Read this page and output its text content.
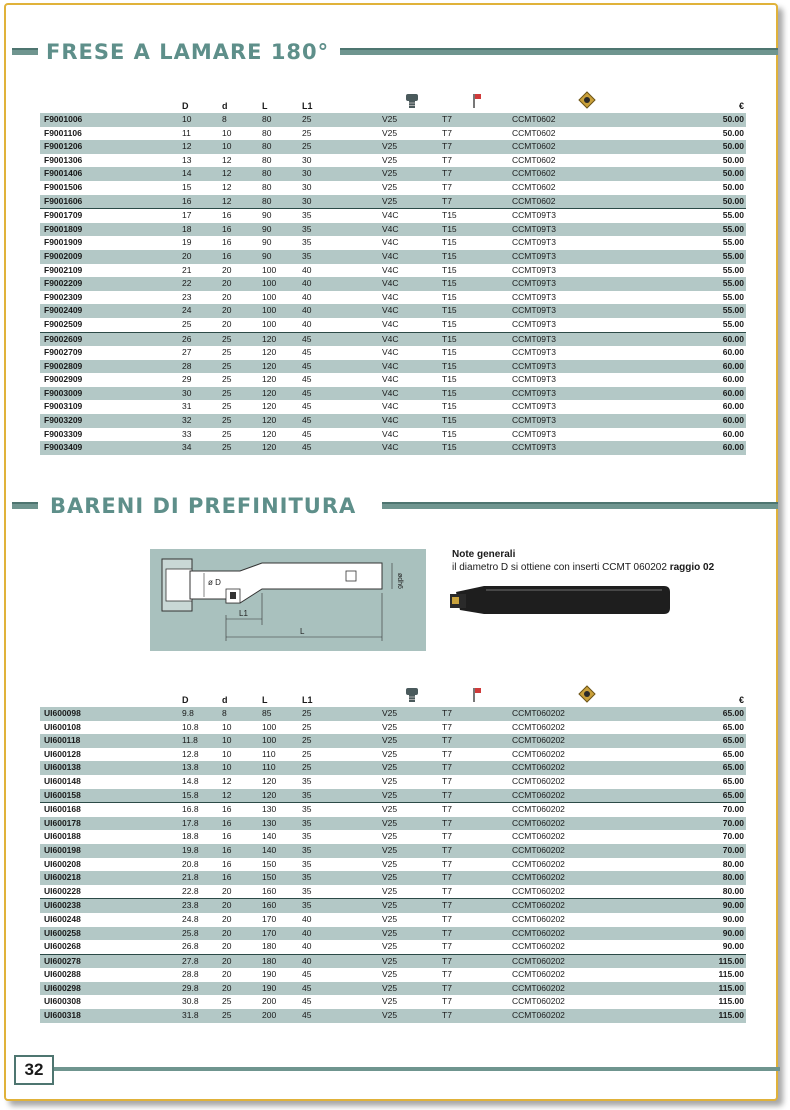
FRESE A LAMARE 180°
	D	d	L	L1				€
F9001006	10	8	80	25	V25	T7	CCMT0602	50.00
F9001106	11	10	80	25	V25	T7	CCMT0602	50.00
F9001206	12	10	80	25	V25	T7	CCMT0602	50.00
F9001306	13	12	80	30	V25	T7	CCMT0602	50.00
F9001406	14	12	80	30	V25	T7	CCMT0602	50.00
F9001506	15	12	80	30	V25	T7	CCMT0602	50.00
F9001606	16	12	80	30	V25	T7	CCMT0602	50.00
F9001709	17	16	90	35	V4C	T15	CCMT09T3	55.00
F9001809	18	16	90	35	V4C	T15	CCMT09T3	55.00
F9001909	19	16	90	35	V4C	T15	CCMT09T3	55.00
F9002009	20	16	90	35	V4C	T15	CCMT09T3	55.00
F9002109	21	20	100	40	V4C	T15	CCMT09T3	55.00
F9002209	22	20	100	40	V4C	T15	CCMT09T3	55.00
F9002309	23	20	100	40	V4C	T15	CCMT09T3	55.00
F9002409	24	20	100	40	V4C	T15	CCMT09T3	55.00
F9002509	25	20	100	40	V4C	T15	CCMT09T3	55.00
F9002609	26	25	120	45	V4C	T15	CCMT09T3	60.00
F9002709	27	25	120	45	V4C	T15	CCMT09T3	60.00
F9002809	28	25	120	45	V4C	T15	CCMT09T3	60.00
F9002909	29	25	120	45	V4C	T15	CCMT09T3	60.00
F9003009	30	25	120	45	V4C	T15	CCMT09T3	60.00
F9003109	31	25	120	45	V4C	T15	CCMT09T3	60.00
F9003209	32	25	120	45	V4C	T15	CCMT09T3	60.00
F9003309	33	25	120	45	V4C	T15	CCMT09T3	60.00
F9003409	34	25	120	45	V4C	T15	CCMT09T3	60.00
BARENI DI PREFINITURA
ø D
L1
L
ødh6
Note generali
il diametro D si ottiene con inserti CCMT 060202 raggio 02
	D	d	L	L1				€
UI600098	9.8	8	85	25	V25	T7	CCMT060202	65.00
UI600108	10.8	10	100	25	V25	T7	CCMT060202	65.00
UI600118	11.8	10	100	25	V25	T7	CCMT060202	65.00
UI600128	12.8	10	110	25	V25	T7	CCMT060202	65.00
UI600138	13.8	10	110	25	V25	T7	CCMT060202	65.00
UI600148	14.8	12	120	35	V25	T7	CCMT060202	65.00
UI600158	15.8	12	120	35	V25	T7	CCMT060202	65.00
UI600168	16.8	16	130	35	V25	T7	CCMT060202	70.00
UI600178	17.8	16	130	35	V25	T7	CCMT060202	70.00
UI600188	18.8	16	140	35	V25	T7	CCMT060202	70.00
UI600198	19.8	16	140	35	V25	T7	CCMT060202	70.00
UI600208	20.8	16	150	35	V25	T7	CCMT060202	80.00
UI600218	21.8	16	150	35	V25	T7	CCMT060202	80.00
UI600228	22.8	20	160	35	V25	T7	CCMT060202	80.00
UI600238	23.8	20	160	35	V25	T7	CCMT060202	90.00
UI600248	24.8	20	170	40	V25	T7	CCMT060202	90.00
UI600258	25.8	20	170	40	V25	T7	CCMT060202	90.00
UI600268	26.8	20	180	40	V25	T7	CCMT060202	90.00
UI600278	27.8	20	180	40	V25	T7	CCMT060202	115.00
UI600288	28.8	20	190	45	V25	T7	CCMT060202	115.00
UI600298	29.8	20	190	45	V25	T7	CCMT060202	115.00
UI600308	30.8	25	200	45	V25	T7	CCMT060202	115.00
UI600318	31.8	25	200	45	V25	T7	CCMT060202	115.00
32
